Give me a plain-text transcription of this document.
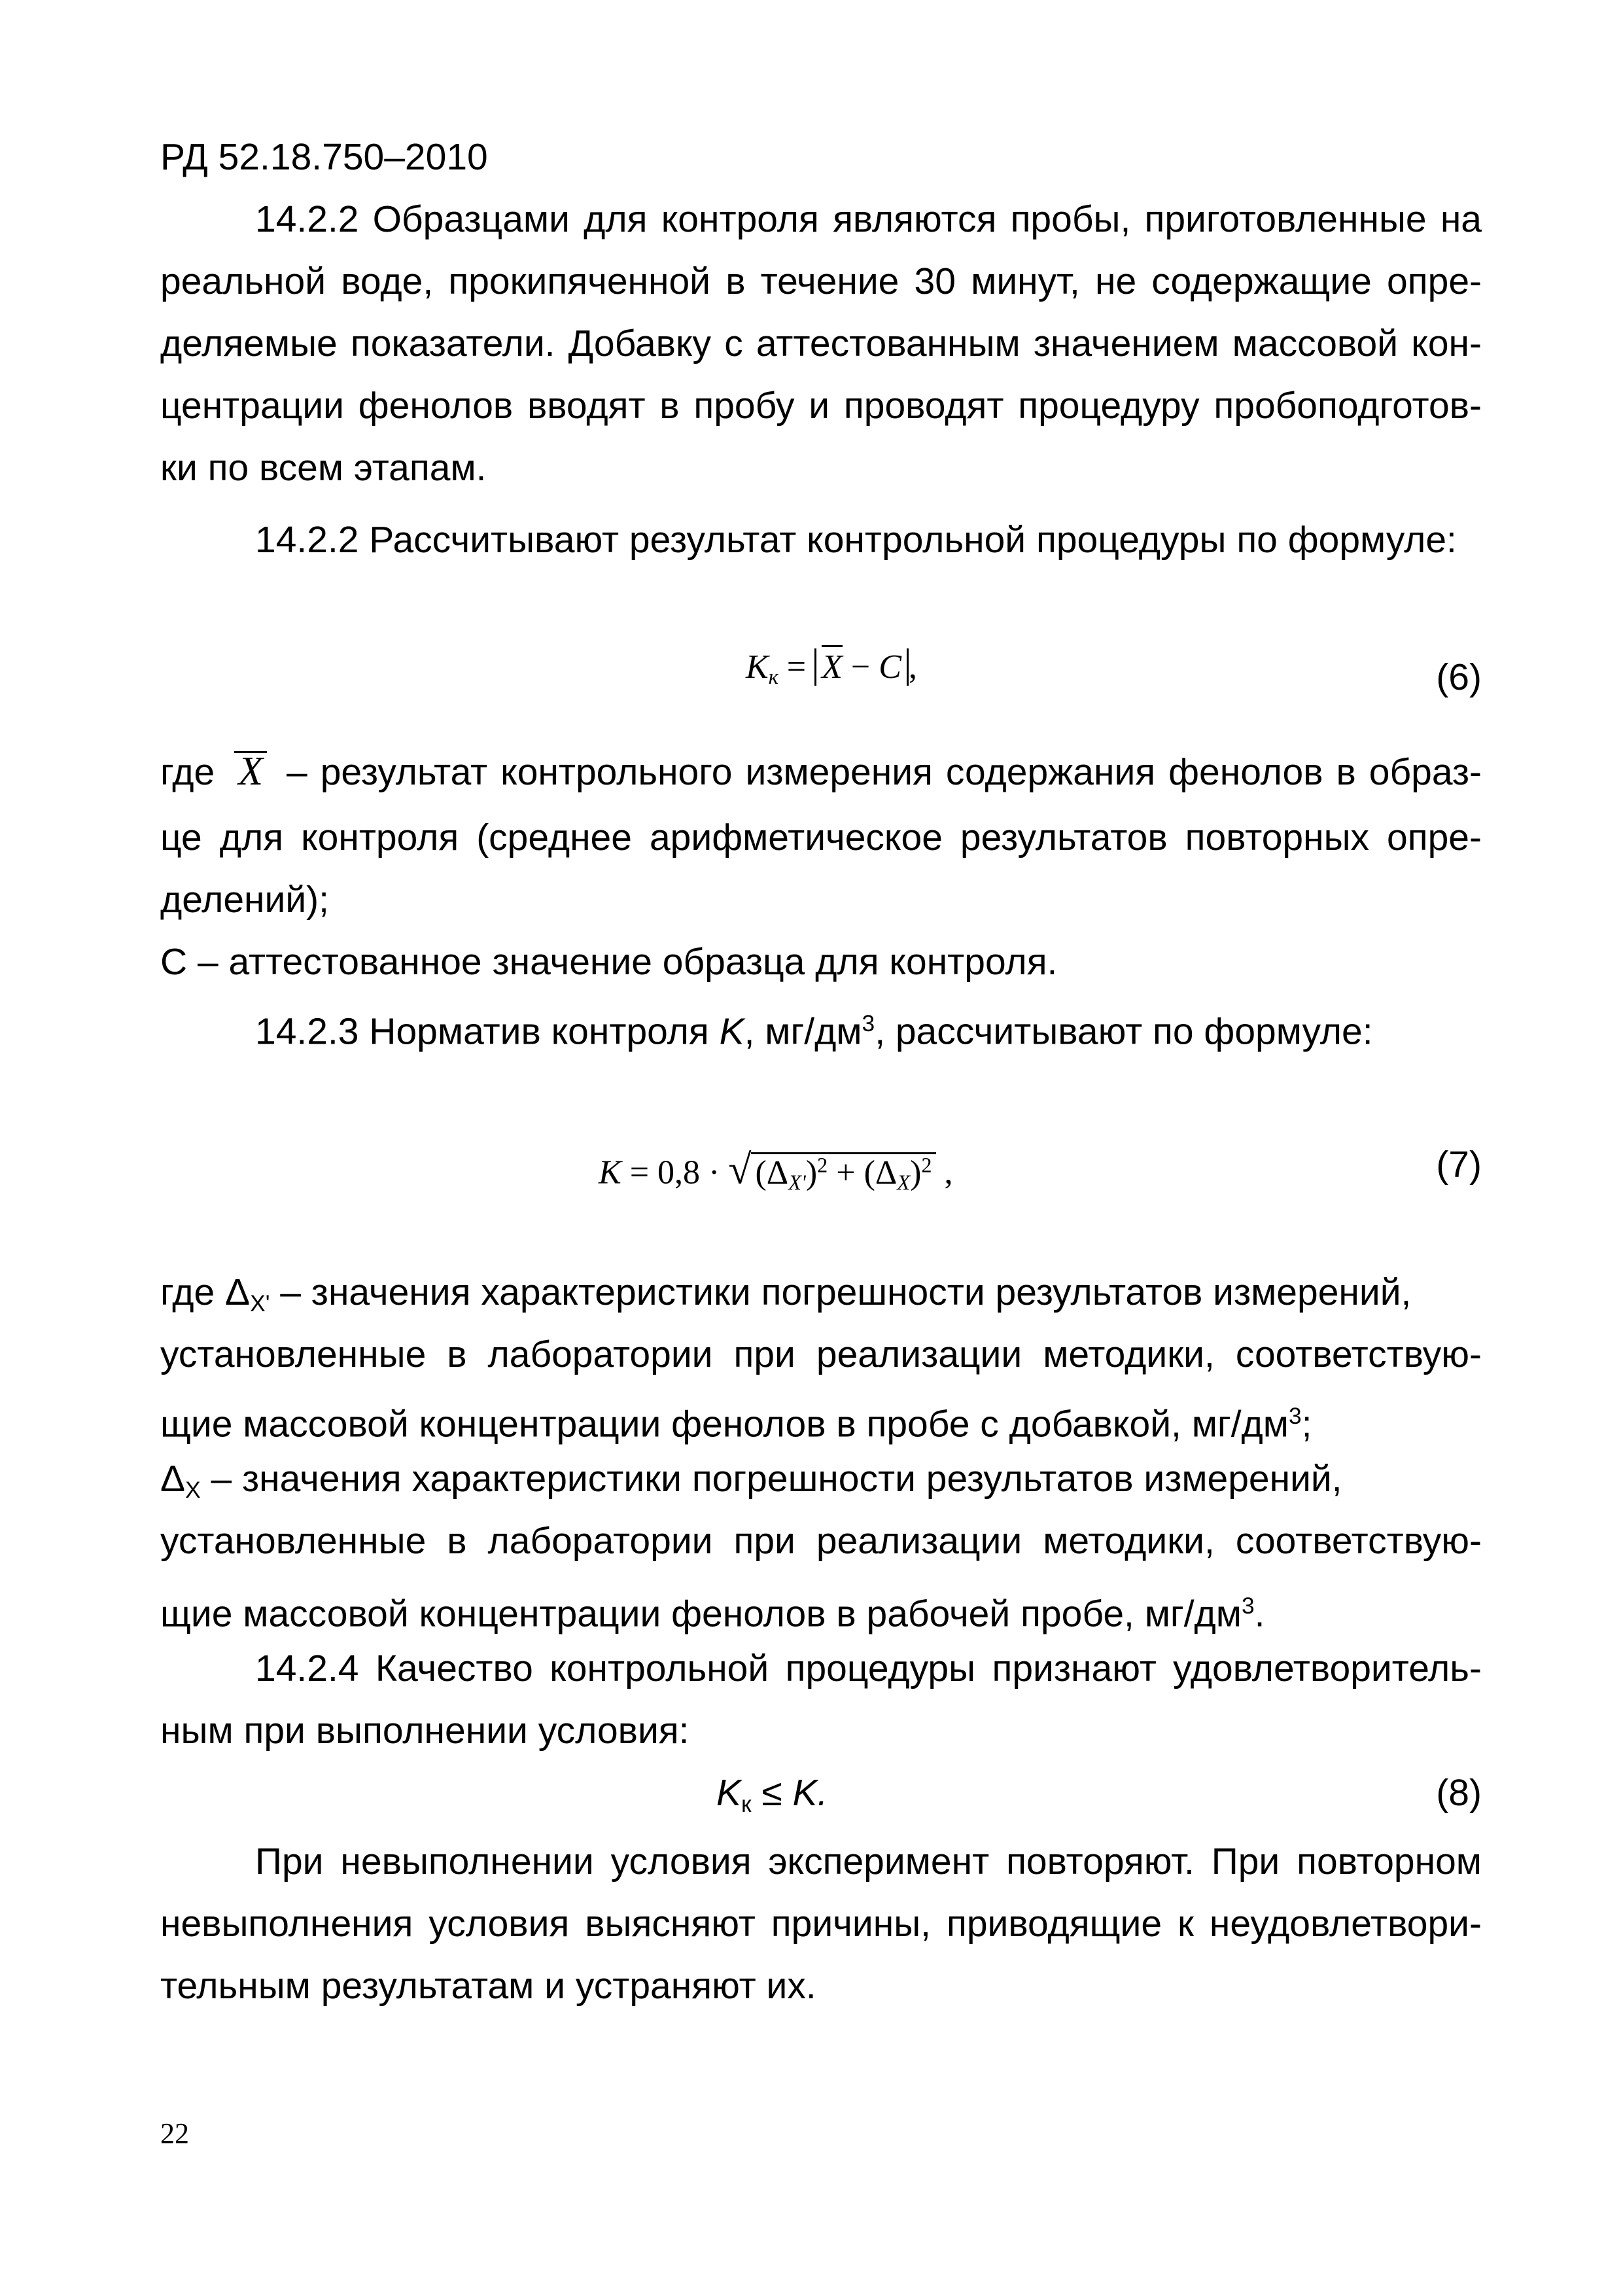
РД 52.18.750–2010
14.2.2 Образцами для контроля являются пробы, приготовленные на
реальной воде, прокипяченной в течение 30 минут, не содержащие опре-
деляемые показатели. Добавку с аттестованным значением массовой кон-
центрации фенолов вводят в пробу и проводят процедуру пробоподготов-
ки по всем этапам.
14.2.2 Рассчитывают результат контрольной процедуры по формуле:
$K_к = X - C$ ,	(6)
где X – результат контрольного измерения содержания фенолов в образ-
це для контроля (среднее арифметическое результатов повторных опре-
делений);
С – аттестованное значение образца для контроля.
14.2.3 Норматив контроля K, $мг/дм^3$, рассчитывают по формуле:
K = 0,8 · √ $(\Delta_{X'})^2 + (\Delta_X)^2$ ,	(7)
где $\Delta_{X'}$ – значения характеристики погрешности результатов измерений,
установленные в лаборатории при реализации методики, соответствую-
щие массовой концентрации фенолов в пробе с добавкой, $мг/дм^3$;
$\Delta_X$ – значения характеристики погрешности результатов измерений,
установленные в лаборатории при реализации методики, соответствую-
щие массовой концентрации фенолов в рабочей пробе, $мг/дм^3$.
14.2.4 Качество контрольной процедуры признают удовлетворитель-
ным при выполнении условия:
$K_к \le K$.	(8)
При невыполнении условия эксперимент повторяют. При повторном
невыполнения условия выясняют причины, приводящие к неудовлетвори-
тельным результатам и устраняют их.
22
